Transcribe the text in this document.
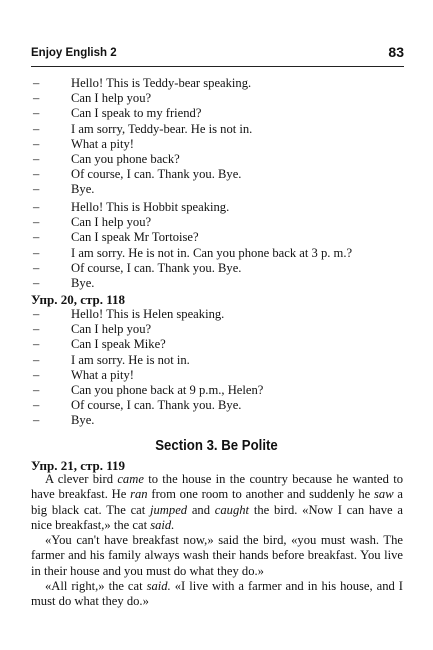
Enjoy English 2	83
–	Hello! This is Teddy-bear speaking.
–	Can I help you?
–	Can I speak to my friend?
–	I am sorry, Teddy-bear. He is not in.
–	What a pity!
–	Can you phone back?
–	Of course, I can. Thank you. Bye.
–	Bye.
–	Hello! This is Hobbit speaking.
–	Can I help you?
–	Can I speak Mr Tortoise?
–	I am sorry. He is not in. Can you phone back at 3 p. m.?
–	Of course, I can. Thank you. Bye.
–	Bye.
Упр. 20, стр. 118
–	Hello! This is Helen speaking.
–	Can I help you?
–	Can I speak Mike?
–	I am sorry. He is not in.
–	What a pity!
–	Can you phone back at 9 p.m., Helen?
–	Of course, I can. Thank you. Bye.
–	Bye.
Section 3. Be Polite
Упр. 21, стр. 119

A clever bird came to the house in the country because he wanted to have breakfast. He ran from one room to another and suddenly he saw a big black cat. The cat jumped and caught the bird. «Now I can have a nice breakfast,» the cat said.

«You can't have breakfast now,» said the bird, «you must wash. The farmer and his family always wash their hands before breakfast. You live in their house and you must do what they do.»

«All right,» the cat said. «I live with a farmer and in his house, and I must do what they do.»
